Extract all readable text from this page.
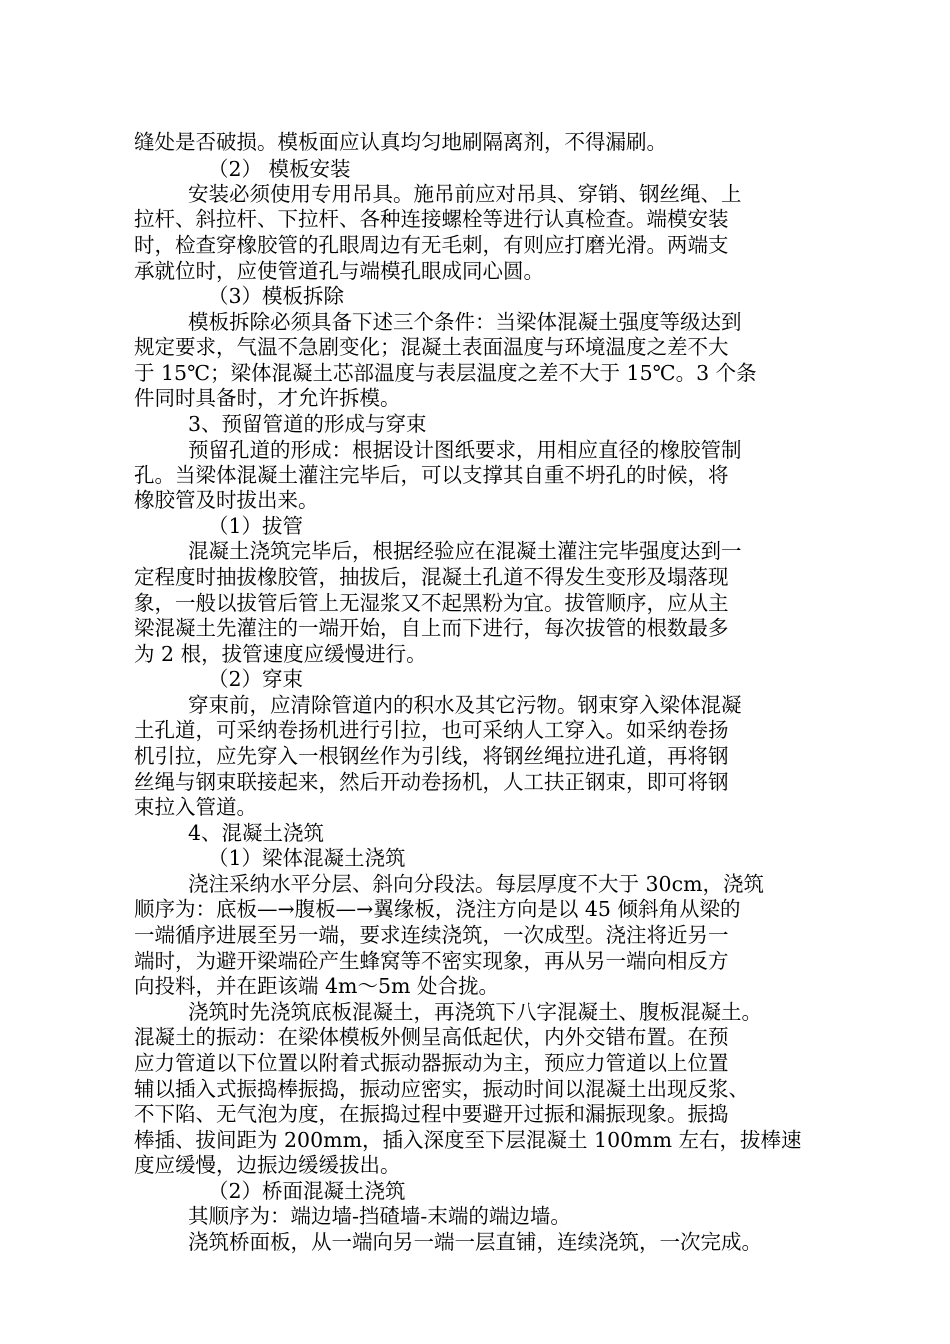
缝处是否破损。模板面应认真均匀地刷隔离剂，不得漏刷。
（2） 模板安装
安装必须使用专用吊具。施吊前应对吊具、穿销、钢丝绳、上
拉杆、斜拉杆、下拉杆、各种连接螺栓等进行认真检查。端模安装
时，检查穿橡胶管的孔眼周边有无毛刺，有则应打磨光滑。两端支
承就位时，应使管道孔与端模孔眼成同心圆。
（3）模板拆除
模板拆除必须具备下述三个条件：当梁体混凝土强度等级达到
规定要求，气温不急剧变化；混凝土表面温度与环境温度之差不大
于 15℃；梁体混凝土芯部温度与表层温度之差不大于 15℃。3 个条
件同时具备时，才允许拆模。
3、预留管道的形成与穿束
预留孔道的形成：根据设计图纸要求，用相应直径的橡胶管制
孔。当梁体混凝土灌注完毕后，可以支撑其自重不坍孔的时候，将
橡胶管及时拔出来。
（1）拔管
混凝土浇筑完毕后，根据经验应在混凝土灌注完毕强度达到一
定程度时抽拔橡胶管，抽拔后，混凝土孔道不得发生变形及塌落现
象，一般以拔管后管上无湿浆又不起黑粉为宜。拔管顺序，应从主
梁混凝土先灌注的一端开始，自上而下进行，每次拔管的根数最多
为 2 根，拔管速度应缓慢进行。
（2）穿束
穿束前，应清除管道内的积水及其它污物。钢束穿入梁体混凝
土孔道，可采纳卷扬机进行引拉，也可采纳人工穿入。如采纳卷扬
机引拉，应先穿入一根钢丝作为引线，将钢丝绳拉进孔道，再将钢
丝绳与钢束联接起来，然后开动卷扬机，人工扶正钢束，即可将钢
束拉入管道。
4、混凝土浇筑
（1）梁体混凝土浇筑
浇注采纳水平分层、斜向分段法。每层厚度不大于 30cm，浇筑
顺序为：底板—→腹板—→翼缘板，浇注方向是以 45 倾斜角从梁的
一端循序进展至另一端，要求连续浇筑，一次成型。浇注将近另一
端时，为避开梁端砼产生蜂窝等不密实现象，再从另一端向相反方
向投料，并在距该端 4m～5m 处合拢。
浇筑时先浇筑底板混凝土，再浇筑下八字混凝土、腹板混凝土。
混凝土的振动：在梁体模板外侧呈高低起伏，内外交错布置。在预
应力管道以下位置以附着式振动器振动为主，预应力管道以上位置
辅以插入式振捣棒振捣，振动应密实，振动时间以混凝土出现反浆、
不下陷、无气泡为度，在振捣过程中要避开过振和漏振现象。振捣
棒插、拔间距为 200mm，插入深度至下层混凝土 100mm 左右，拔棒速
度应缓慢，边振边缓缓拔出。
（2）桥面混凝土浇筑
其顺序为：端边墙-挡碴墙-末端的端边墙。
浇筑桥面板，从一端向另一端一层直铺，连续浇筑，一次完成。
